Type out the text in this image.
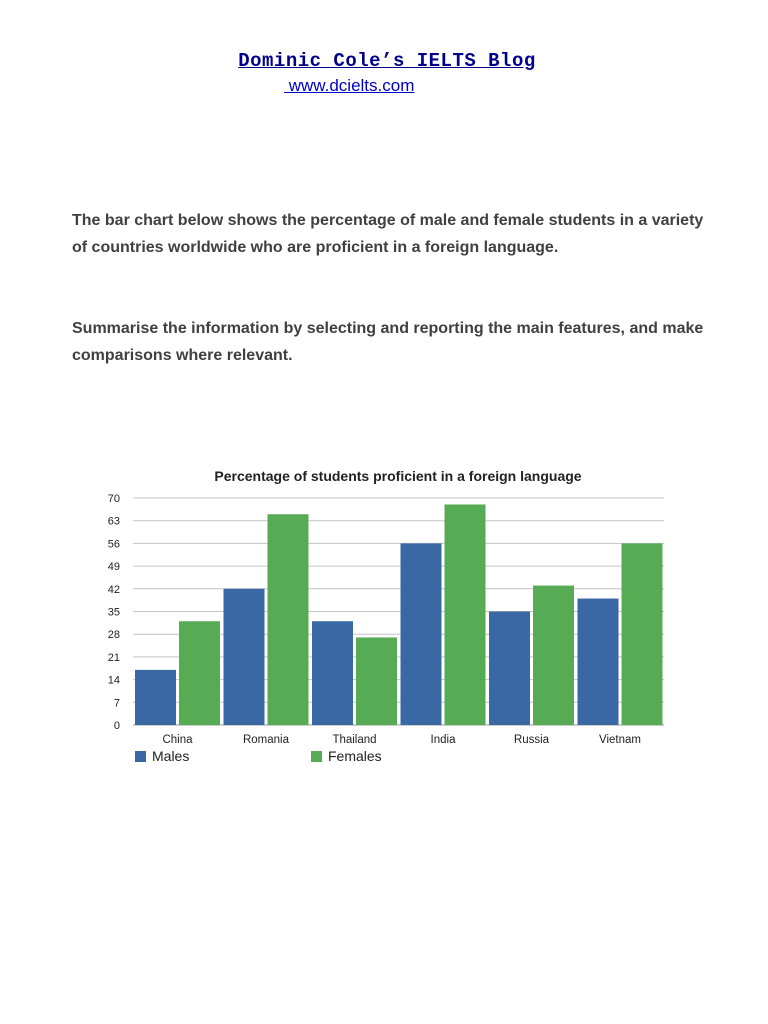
Dominic Cole’s IELTS Blog
www.dcielts.com

The bar chart below shows the percentage of male and female students in a variety of countries worldwide who are proficient in a foreign language.

Summarise the information by selecting and reporting the main features, and make comparisons where relevant.

Percentage of students proficient in a foreign language
0
7
14
21
28
35
42
49
56
63
70
China	Romania	Thailand	India	Russia	Vietnam
Males	Females
